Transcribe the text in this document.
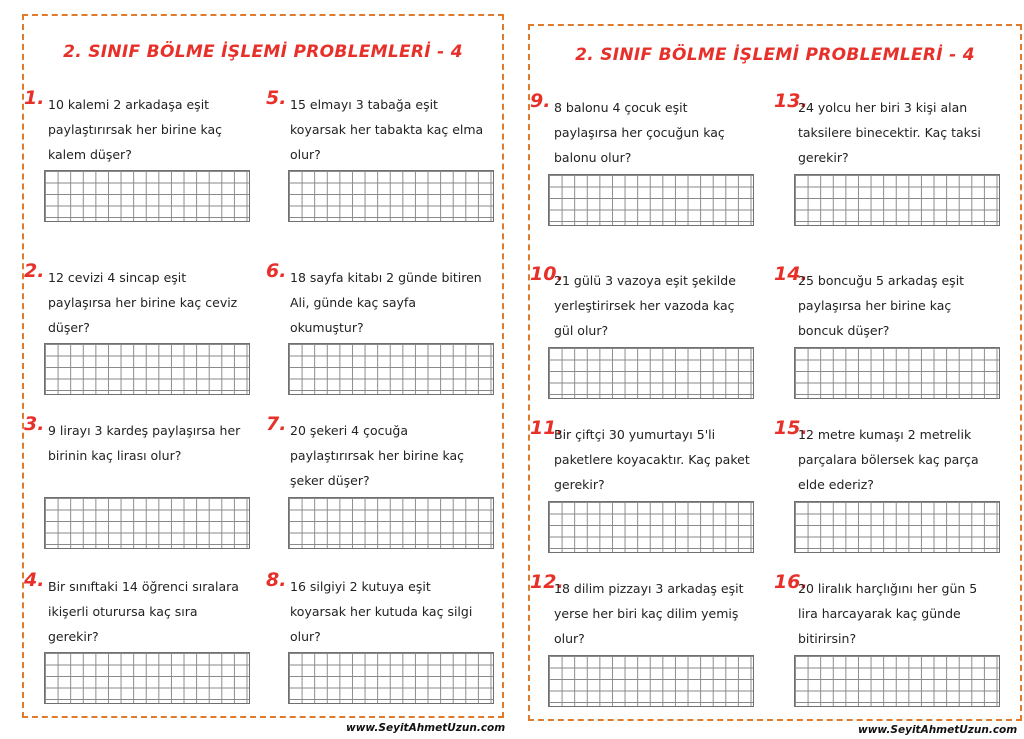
2. SINIF BÖLME İŞLEMİ PROBLEMLERİ - 4
1. 10 kalemi 2 arkadaşa eşit paylaştırırsak her birine kaç kalem düşer?
2. 12 cevizi 4 sincap eşit paylaşırsa her birine kaç ceviz düşer?
3. 9 lirayı 3 kardeş paylaşırsa her birinin kaç lirası olur?
4. Bir sınıftaki 14 öğrenci sıralara ikişerli oturursa kaç sıra gerekir?
5. 15 elmayı 3 tabağa eşit koyarsak her tabakta kaç elma olur?
6. 18 sayfa kitabı 2 günde bitiren Ali, günde kaç sayfa okumuştur?
7. 20 şekeri 4 çocuğa paylaştırırsak her birine kaç şeker düşer?
8. 16 silgiyi 2 kutuya eşit koyarsak her kutuda kaç silgi olur?
www.SeyitAhmetUzun.com
2. SINIF BÖLME İŞLEMİ PROBLEMLERİ - 4
9. 8 balonu 4 çocuk eşit paylaşırsa her çocuğun kaç balonu olur?
10.
21 gülü 3 vazoya eşit şekilde yerleştirirsek her vazoda kaç gül olur?
11.
Bir çiftçi 30 yumurtayı 5'li paketlere koyacaktır. Kaç paket gerekir?
12.
18 dilim pizzayı 3 arkadaş eşit yerse her biri kaç dilim yemiş olur?
13.
24 yolcu her biri 3 kişi alan taksilere binecektir. Kaç taksi gerekir?
14.
25 boncuğu 5 arkadaş eşit paylaşırsa her birine kaç boncuk düşer?
15.
12 metre kumaşı 2 metrelik parçalara bölersek kaç parça elde ederiz?
16.
20 liralık harçlığını her gün 5 lira harcayarak kaç günde bitirirsin?
www.SeyitAhmetUzun.com
